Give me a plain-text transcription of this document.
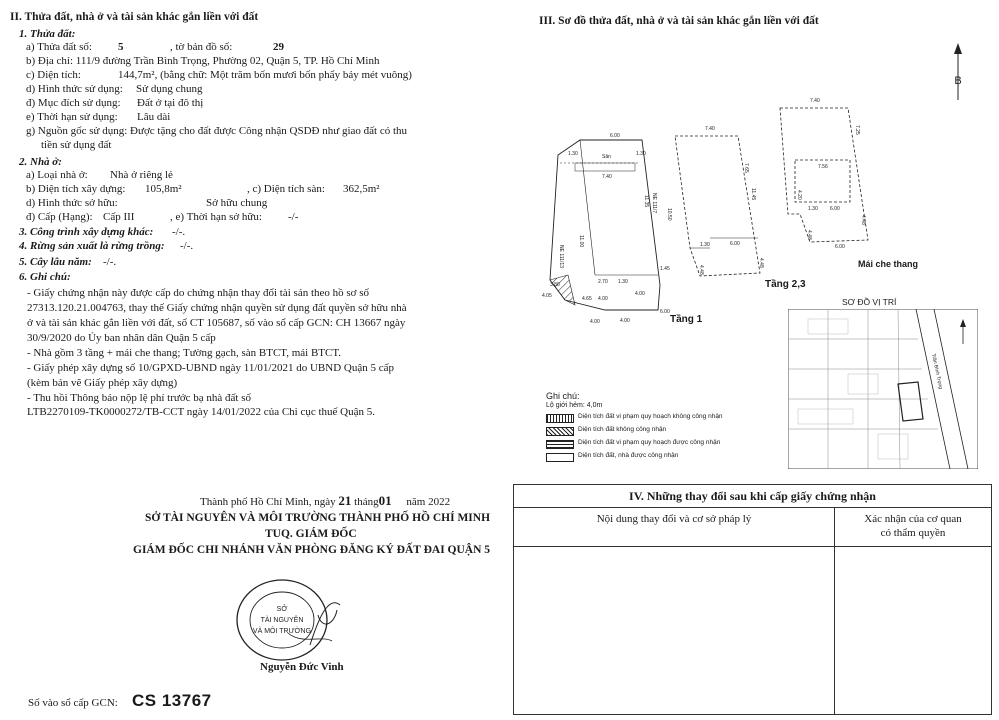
II. Thửa đất, nhà ở và tài sản khác gắn liền với đất
1. Thửa đất:
a) Thửa đất số: 5	, tờ bản đồ số:	29
b) Địa chỉ: 111/9 đường Trần Bình Trọng, Phường 02, Quận 5, TP. Hồ Chí Minh
c) Diện tích:	144,7m², (bằng chữ: Một trăm bốn mươi bốn phẩy bảy mét vuông)
d) Hình thức sử dụng: Sử dụng chung
đ) Mục đích sử dụng: Đất ở tại đô thị
e) Thời hạn sử dụng: Lâu dài
g) Nguồn gốc sử dụng: Được tặng cho đất được Công nhận QSDĐ như giao đất có thu
tiền sử dụng đất
2. Nhà ở:
a) Loại nhà ở: Nhà ở riêng lẻ
b) Diện tích xây dựng: 105,8m²	, c) Diện tích sàn: 362,5m²
d) Hình thức sở hữu:	Sở hữu chung
đ) Cấp (Hạng): Cấp III	, e) Thời hạn sở hữu: -/-
3. Công trình xây dựng khác: -/-.
4. Rừng sản xuất là rừng trồng: -/-.
5. Cây lâu năm: -/-.
6. Ghi chú:
- Giấy chứng nhận này được cấp do chứng nhận thay đổi tài sản theo hồ sơ số
27313.120.21.004763, thay thế Giấy chứng nhận quyền sử dụng đất quyền sở hữu nhà
ở và tài sản khác gắn liền với đất, số CT 105687, số vào sổ cấp GCN: CH 13667 ngày
30/9/2020 do Ủy ban nhân dân Quận 5 cấp
- Nhà gồm 3 tầng + mái che thang; Tường gạch, sàn BTCT, mái BTCT.
- Giấy phép xây dựng số 10/GPXD-UBND ngày 11/01/2021 do UBND Quận 5 cấp
(kèm bản vẽ Giấy phép xây dựng)
- Thu hồi Thông báo nộp lệ phí trước bạ nhà đất số
LTB2270109-TK0000272/TB-CCT ngày 14/01/2022 của Chi cục thuế Quận 5.
Thành phố Hồ Chí Minh, ngày 21 tháng01 năm 2022
SỞ TÀI NGUYÊN VÀ MÔI TRƯỜNG THÀNH PHỐ HỒ CHÍ MINH
TUQ. GIÁM ĐỐC
GIÁM ĐỐC CHI NHÁNH VĂN PHÒNG ĐĂNG KÝ ĐẤT ĐAI QUẬN 5
SỞ
TÀI NGUYÊN
VÀ MÔI TRƯỜNG
Nguyễn Đức Vinh
Số vào sổ cấp GCN: CS 13767
III. Sơ đồ thửa đất, nhà ở và tài sản khác gắn liền với đất
B
6.00
1.30	1.30
Sân
7.40
11.00
11.35
NE 111/13
NE 111/7
10.50
2.70 1.30
1.45
3.80
4.05	4.00
4.65
4.00	4.00
6.00
4.00
Tầng 1
7.40
7.65
11.45
1.30	6.00
4.48
4.48
Tầng 2,3
7.40
7.25
7.56
4.20
1.30 6.00
4.48
4.48
6.00
Mái che thang
SƠ ĐỒ VỊ TRÍ
Trần Bình Trọng
Ghi chú:
Lộ giới hẻm: 4,0m
Diện tích đất vi phạm quy hoạch không công nhận
Diện tích đất không công nhận
Diện tích đất vi phạm quy hoạch được công nhận
Diện tích đất, nhà được công nhận
IV. Những thay đổi sau khi cấp giấy chứng nhận
Nội dung thay đổi và cơ sở pháp lý	Xác nhận của cơ quan
có thẩm quyền
